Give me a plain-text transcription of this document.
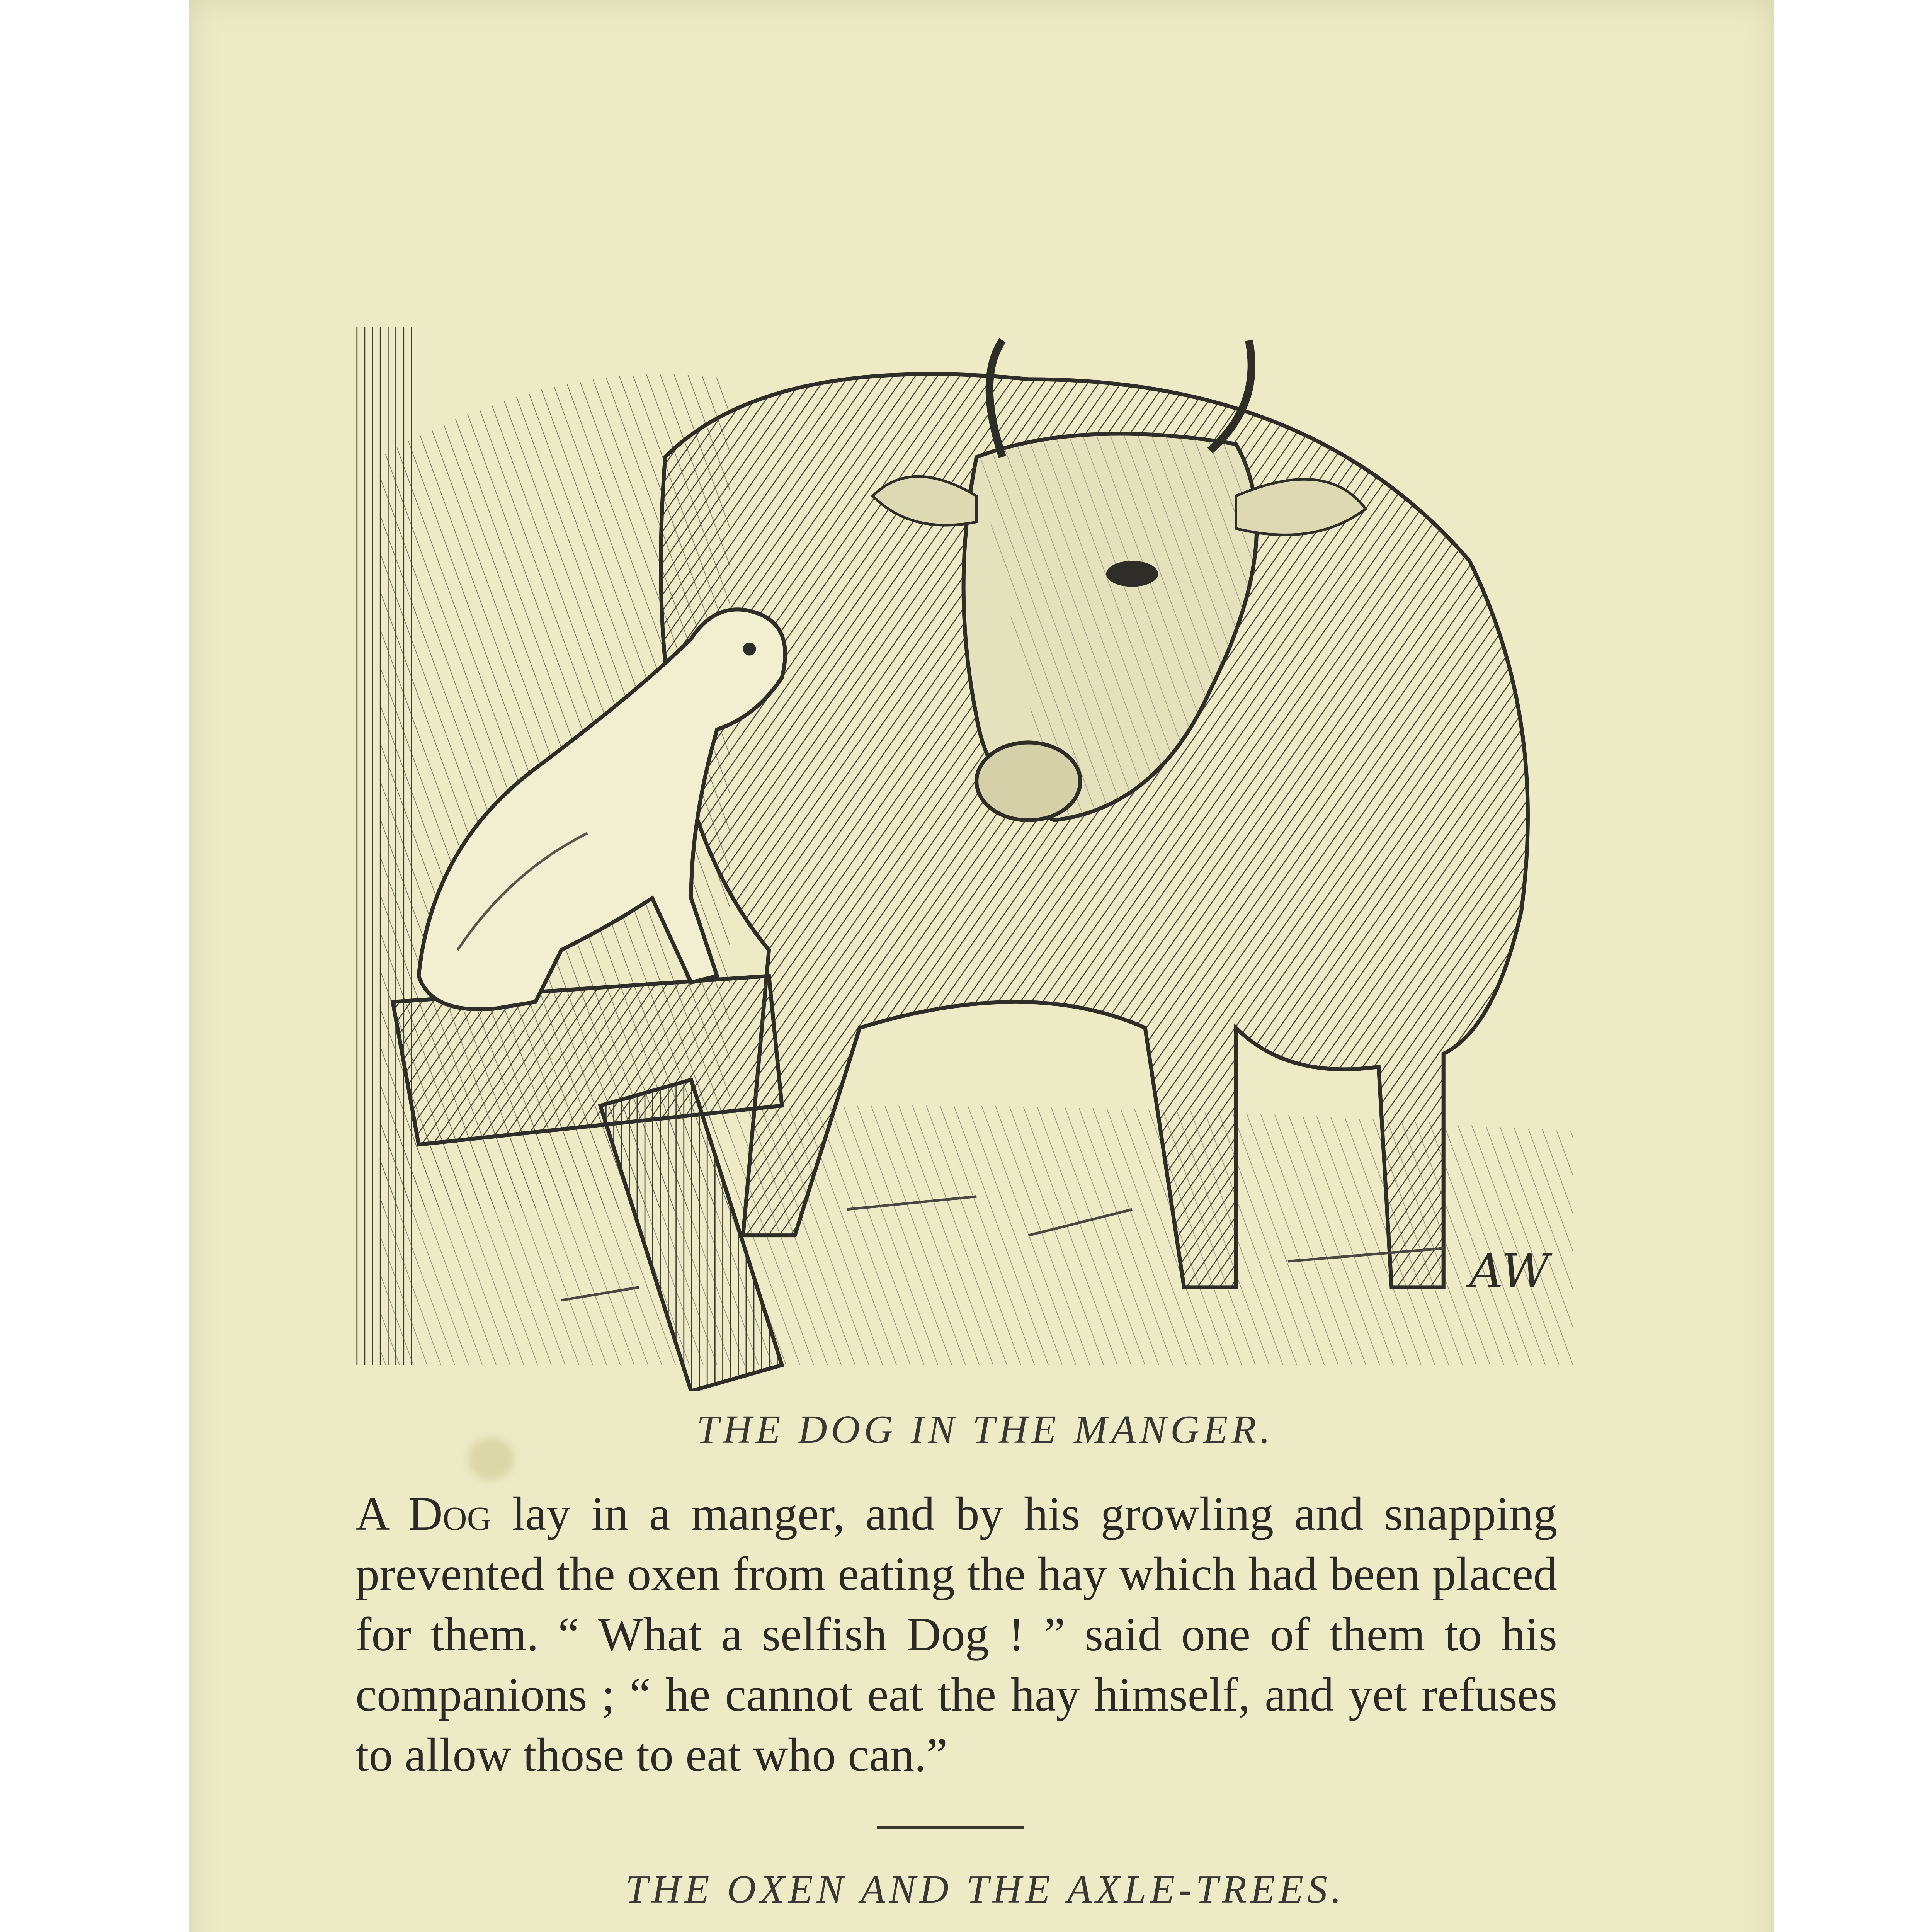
AW
THE DOG IN THE MANGER.

A Dog lay in a manger, and by his growling and snapping prevented the oxen from eating the hay which had been placed for them. “ What a selfish Dog ! ” said one of them to his companions ; “ he cannot eat the hay himself, and yet refuses to allow those to eat who can.”

THE OXEN AND THE AXLE-TREES.
